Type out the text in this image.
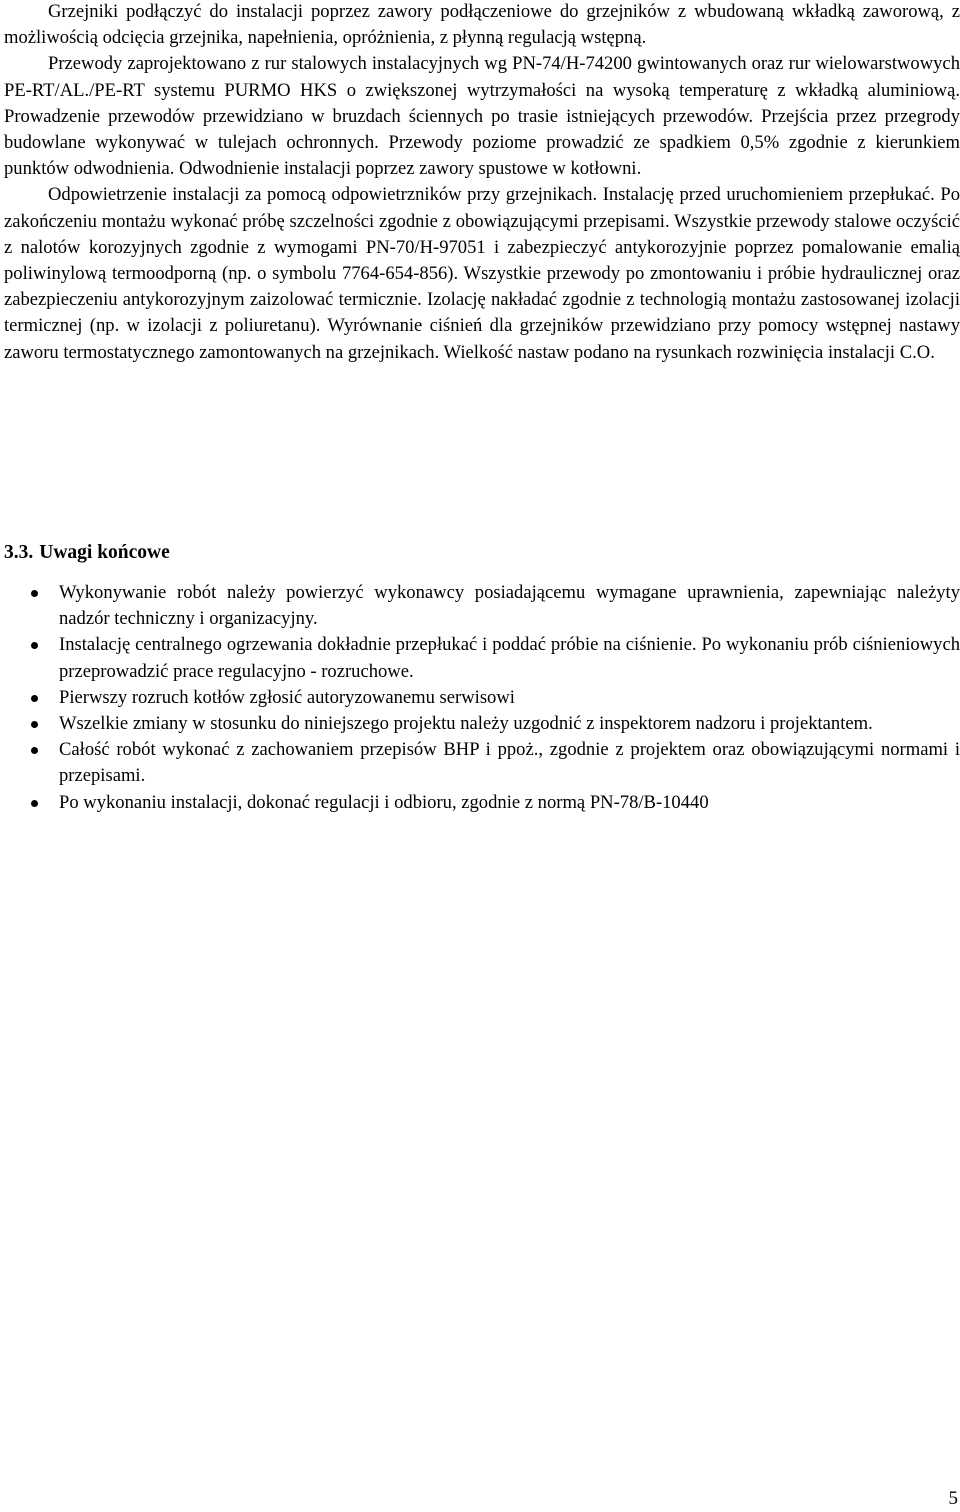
Grzejniki podłączyć do instalacji poprzez zawory podłączeniowe do grzejników z wbudowaną wkładką zaworową, z możliwością odcięcia grzejnika, napełnienia, opróżnienia, z płynną regulacją wstępną.

Przewody zaprojektowano z rur stalowych instalacyjnych wg PN-74/H-74200 gwintowanych oraz rur wielowarstwowych PE-RT/AL./PE-RT systemu PURMO HKS o zwiększonej wytrzymałości na wysoką temperaturę z wkładką aluminiową. Prowadzenie przewodów przewidziano w bruzdach ściennych po trasie istniejących przewodów. Przejścia przez przegrody budowlane wykonywać w tulejach ochronnych. Przewody poziome prowadzić ze spadkiem 0,5% zgodnie z kierunkiem punktów odwodnienia. Odwodnienie instalacji poprzez zawory spustowe w kotłowni.

Odpowietrzenie instalacji za pomocą odpowietrzników przy grzejnikach. Instalację przed uruchomieniem przepłukać. Po zakończeniu montażu wykonać próbę szczelności zgodnie z obowiązującymi przepisami. Wszystkie przewody stalowe oczyścić z nalotów korozyjnych zgodnie z wymogami PN-70/H-97051 i zabezpieczyć antykorozyjnie poprzez pomalowanie emalią poliwinylową termoodporną (np. o symbolu 7764-654-856). Wszystkie przewody po zmontowaniu i próbie hydraulicznej oraz zabezpieczeniu antykorozyjnym zaizolować termicznie. Izolację nakładać zgodnie z technologią montażu zastosowanej izolacji termicznej (np. w izolacji z poliuretanu). Wyrównanie ciśnień dla grzejników przewidziano przy pomocy wstępnej nastawy zaworu termostatycznego zamontowanych na grzejnikach. Wielkość nastaw podano na rysunkach rozwinięcia instalacji C.O.

3.3. Uwagi końcowe
Wykonywanie robót należy powierzyć wykonawcy posiadającemu wymagane uprawnienia, zapewniając należyty nadzór techniczny i organizacyjny.
Instalację centralnego ogrzewania dokładnie przepłukać i poddać próbie na ciśnienie. Po wykonaniu prób ciśnieniowych przeprowadzić prace regulacyjno - rozruchowe.
Pierwszy rozruch kotłów zgłosić autoryzowanemu serwisowi
Wszelkie zmiany w stosunku do niniejszego projektu należy uzgodnić z inspektorem nadzoru i projektantem.
Całość robót wykonać z zachowaniem przepisów BHP i ppoż., zgodnie z projektem oraz obowiązującymi normami i przepisami.
Po wykonaniu instalacji, dokonać regulacji i odbioru, zgodnie z normą PN-78/B-10440
5
